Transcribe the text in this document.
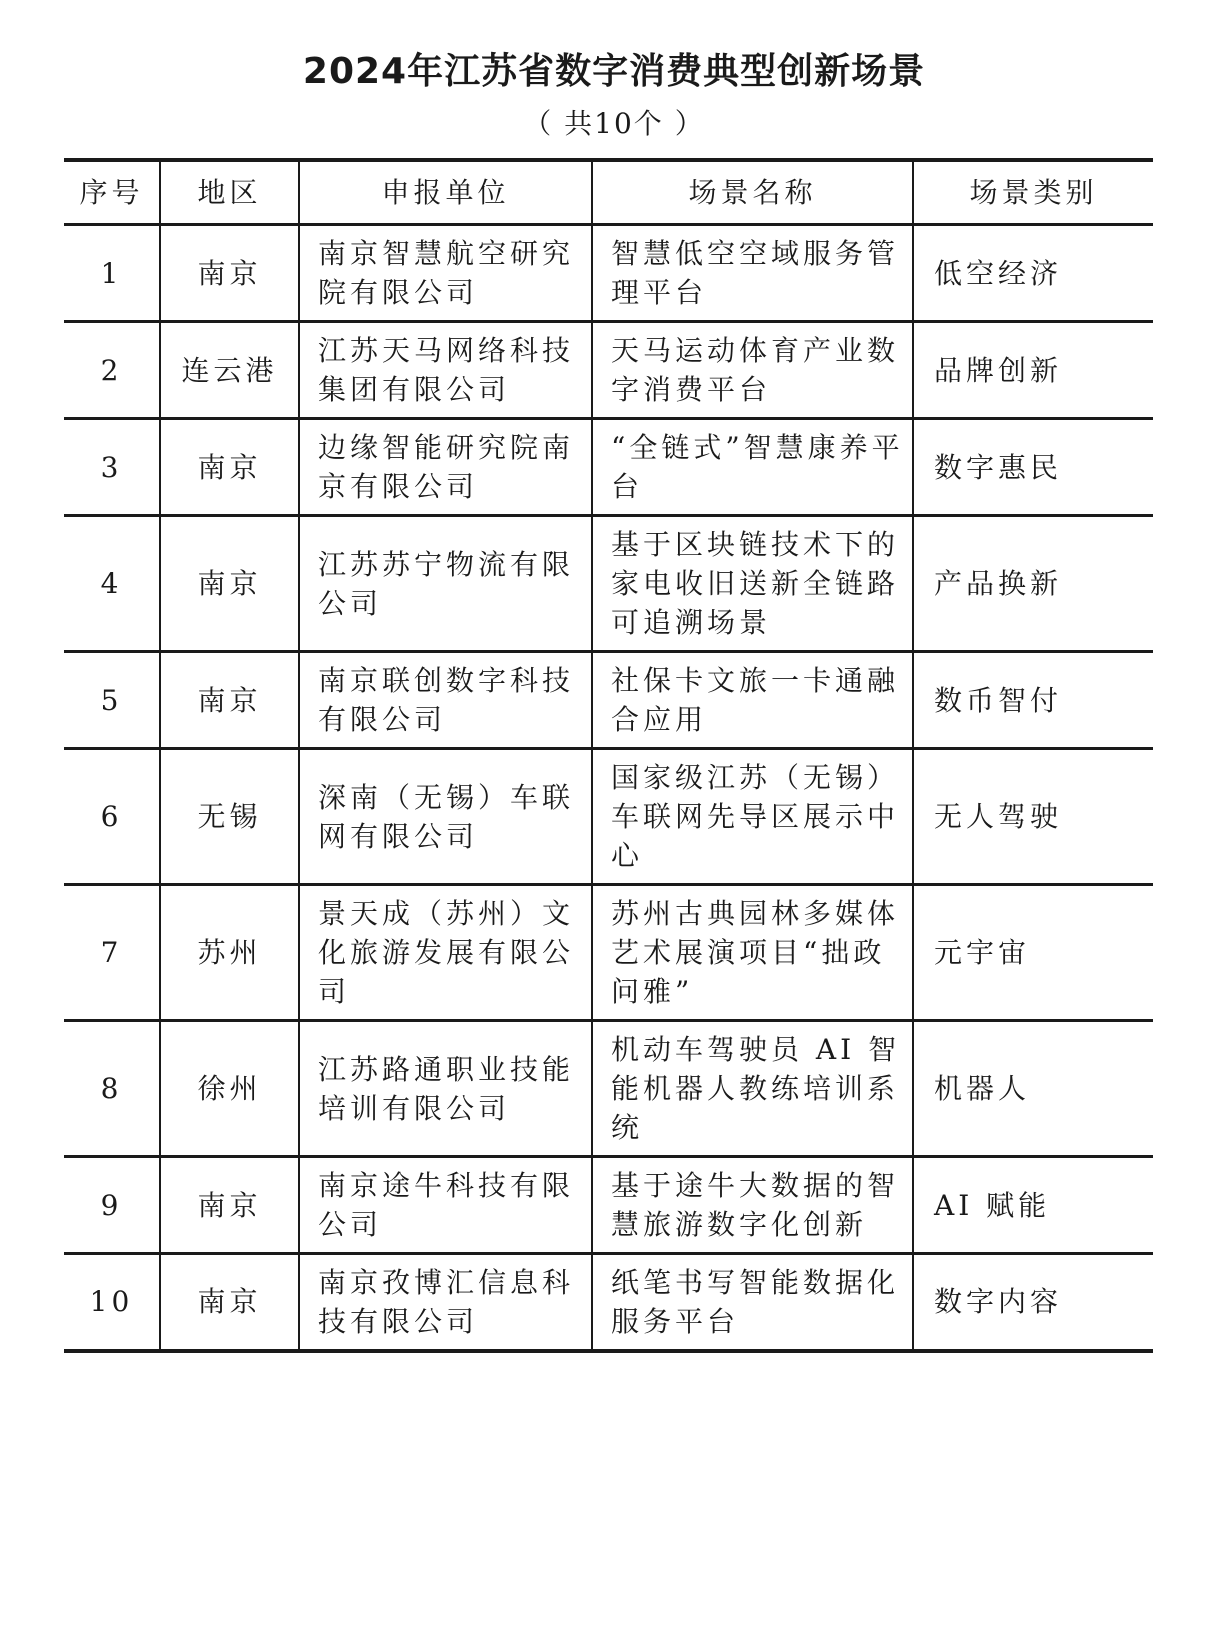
2024年江苏省数字消费典型创新场景
（ 共10个 ）
序号	地区	申报单位	场景名称	场景类别
1	南京	南京智慧航空研究院有限公司	智慧低空空域服务管理平台	低空经济
2	连云港	江苏天马网络科技集团有限公司	天马运动体育产业数字消费平台	品牌创新
3	南京	边缘智能研究院南京有限公司	“全链式”智慧康养平台	数字惠民
4	南京	江苏苏宁物流有限公司	基于区块链技术下的家电收旧送新全链路可追溯场景	产品换新
5	南京	南京联创数字科技有限公司	社保卡文旅一卡通融合应用	数币智付
6	无锡	深南（无锡）车联网有限公司	国家级江苏（无锡）车联网先导区展示中心	无人驾驶
7	苏州	景天成（苏州）文化旅游发展有限公司	苏州古典园林多媒体艺术展演项目“拙政问雅”	元宇宙
8	徐州	江苏路通职业技能培训有限公司	机动车驾驶员 AI 智能机器人教练培训系统	机器人
9	南京	南京途牛科技有限公司	基于途牛大数据的智慧旅游数字化创新	AI 赋能
10	南京	南京孜博汇信息科技有限公司	纸笔书写智能数据化服务平台	数字内容
